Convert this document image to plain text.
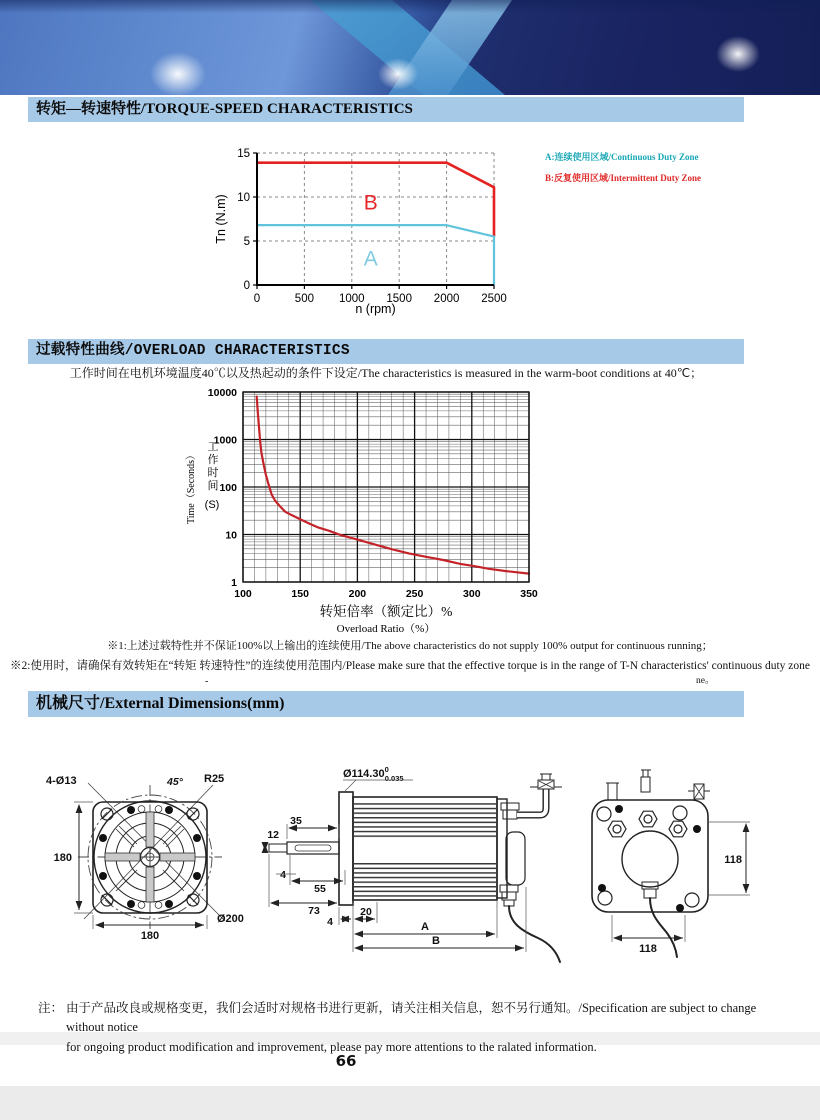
转矩—转速特性/TORQUE-SPEED CHARACTERISTICS
0	500 1000 1500 2000 2500
0
5
10
15
B
A
n (rpm)
Tn (N.m)
A:连续使用区域/Continuous Duty Zone
B:反复使用区域/Intermittent Duty Zone
过载特性曲线/OVERLOAD CHARACTERISTICS
工作时间在电机环境温度40℃以及热起动的条件下设定/The characteristics is measured in the warm-boot conditions at 40℃；
1
10
100
1000
10000
100	150	200	250	300	350
转矩倍率（额定比）%
Overload Ratio（%）
Time（Seconds）
工
作
时
间
(S)
※1:上述过载特性并不保证100%以上输出的连续使用/The above characteristics do not supply 100% output for continuous running；
※2:使用时，请确保有效转矩在“转矩 转速特性”的连续使用范围内/Please make sure that the effective torque is in the range of T-N characteristics' continuous duty zone
-	ne。
机械尺寸/External Dimensions(mm)
180
180
4-Ø13	45° R25
Ø200
Ø114.30$^0$ 0.035
35
12
4
55
73
4
20
A
B
118
118
注： 由于产品改良或规格变更，我们会适时对规格书进行更新，请关注相关信息，恕不另行通知。/Specification are subject to change without notice
for ongoing product modification and improvement, please pay more attentions to the ralated information.
66
